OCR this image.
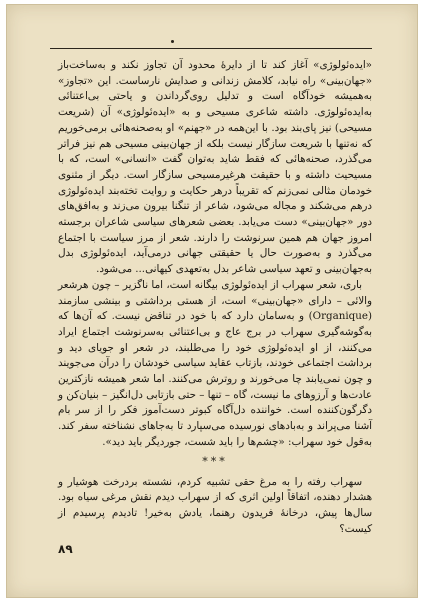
«ایده‌ئولوژی» آغاز کند تا از دایرهٔ محدود آن تجاوز نکند و به‌ساخت‌باز «جهان‌بینی» راه نیابد، کلامش زندانی و صدایش نارساست. این «تجاوز» به‌همیشه خودآگاه است و تدلیل روی‌گرداندن و یاحتی بی‌اعتنائی به‌ایده‌ئولوژی. داشته شاعری مسیحی و به «ایده‌ئولوژی» آن (شریعت مسیحی) نیز پای‌بند بود. با این‌همه در «جهنم» او به‌صحنه‌هائی برمی‌خوریم که نه‌تنها با شریعت سازگار نیست بلکه از جهان‌بینی مسیحی هم نیز فراتر می‌گذرد، صحنه‌هائی که فقط شاید به‌توان گفت «انسانی» است، که با مسیحیت داشته و با حقیقت هرغیرمسیحی سازگار است. دیگر از مثنوی خودمان مثالی نمی‌زنم که تقریباً درهر حکایت و روایت تخته‌بند ایده‌ئولوژی درهم می‌شکند و مجاله می‌شود، شاعر از تنگنا بیرون می‌زند و به‌افق‌های دور «جهان‌بینی» دست می‌یابد. بعضی شعرهای سیاسی شاعران برجسته امروز جهان هم همین سرنوشت را دارند. شعر از مرز سیاست با اجتماع می‌گذرد و به‌صورت حال یا حقیقتی جهانی درمی‌آید، ایده‌ئولوژی بدل به‌جهان‌بینی و تعهد سیاسی شاعر بدل به‌تعهدی کیهانی... می‌شود.

باری، شعر سهراب از ایده‌ئولوژی بیگانه است، اما ناگزیر – چون هرشعر والائی – دارای «جهان‌بینی» است، از هستی برداشتی و بینشی سازمند (Organique) و به‌سامان دارد که با خود در تناقض نیست. که آن‌ها که به‌گوشه‌گیری سهراب در برج عاج و بی‌اعتنائی به‌سرنوشت اجتماع ایراد می‌کنند، از او ایده‌ئولوژی خود را می‌طلبند، در شعر او جویای دید و برداشت اجتماعی خودند، بازتاب عقاید سیاسی خودشان را درآن می‌جویند و چون نمی‌یابند چا می‌خورند و روترش می‌کنند. اما شعر همیشه نازکترین عادت‌ها و آرزوهای ما نیست، گاه – تنها – حتی بازتابی دل‌انگیز – بنیان‌کن و دگرگون‌کننده است. خواننده دل‌آگاه کبوتر دست‌آموز فکر را از سر بام آشنا می‌پراند و به‌بادهای نورسیده می‌سپارد تا به‌جاهای نشناخته سفر کند. به‌قول خود سهراب: «چشم‌ها را باید شست، جوردیگر باید دید».

***

سهراب رفته را به مرغ حقی تشبیه کردم، نشسته بردرخت هوشیار و هشدار دهنده، اتفاقاً اولین اثری که از سهراب دیدم نقش مرغی سیاه بود. سال‌ها پیش، درخانهٔ فریدون رهنما، یادش به‌خیر! تادیدم پرسیدم از کیست؟

۸۹
